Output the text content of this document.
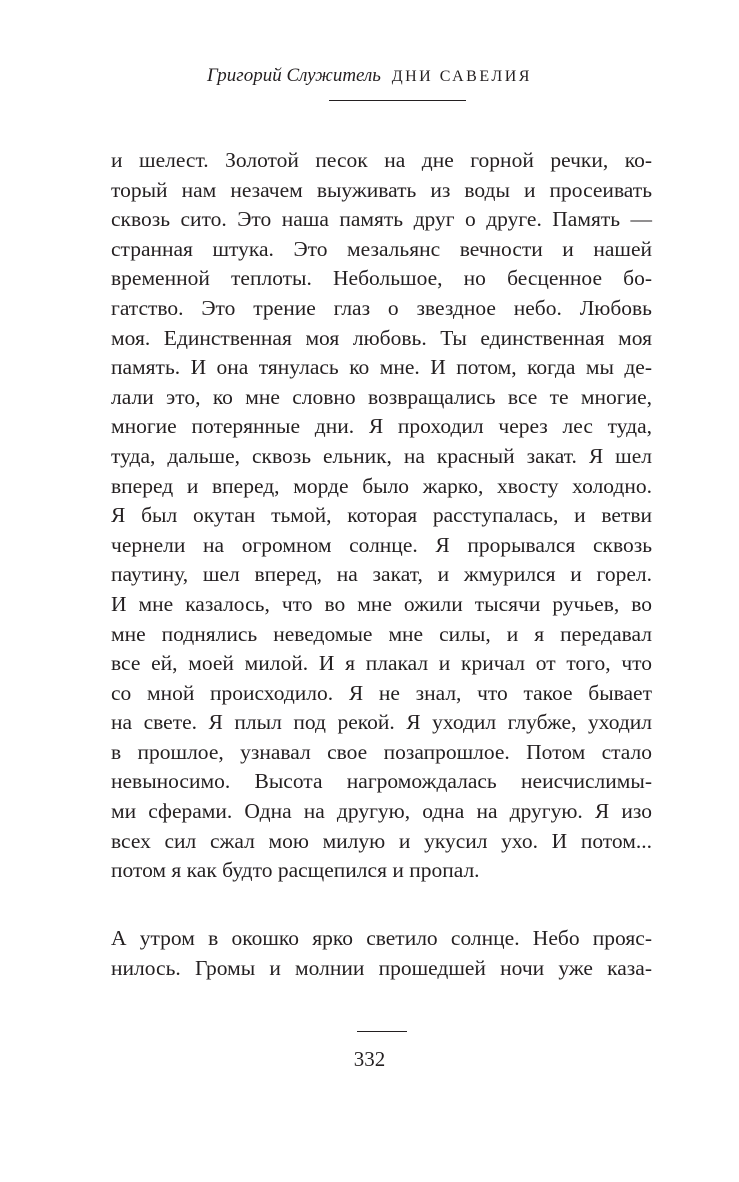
Григорий Служитель ДНИ САВЕЛИЯ
и шелест. Золотой песок на дне горной речки, ко-
торый нам незачем выуживать из воды и просеивать
сквозь сито. Это наша память друг о друге. Память —
странная штука. Это мезальянс вечности и нашей
временной теплоты. Небольшое, но бесценное бо-
гатство. Это трение глаз о звездное небо. Любовь
моя. Единственная моя любовь. Ты единственная моя
память. И она тянулась ко мне. И потом, когда мы де-
лали это, ко мне словно возвращались все те многие,
многие потерянные дни. Я проходил через лес туда,
туда, дальше, сквозь ельник, на красный закат. Я шел
вперед и вперед, морде было жарко, хвосту холодно.
Я был окутан тьмой, которая расступалась, и ветви
чернели на огромном солнце. Я прорывался сквозь
паутину, шел вперед, на закат, и жмурился и горел.
И мне казалось, что во мне ожили тысячи ручьев, во
мне поднялись неведомые мне силы, и я передавал
все ей, моей милой. И я плакал и кричал от того, что
со мной происходило. Я не знал, что такое бывает
на свете. Я плыл под рекой. Я уходил глубже, уходил
в прошлое, узнавал свое позапрошлое. Потом стало
невыносимо. Высота нагромождалась неисчислимы-
ми сферами. Одна на другую, одна на другую. Я изо
всех сил сжал мою милую и укусил ухо. И потом...
потом я как будто расщепился и пропал.
А утром в окошко ярко светило солнце. Небо прояс-
нилось. Громы и молнии прошедшей ночи уже каза-
332
